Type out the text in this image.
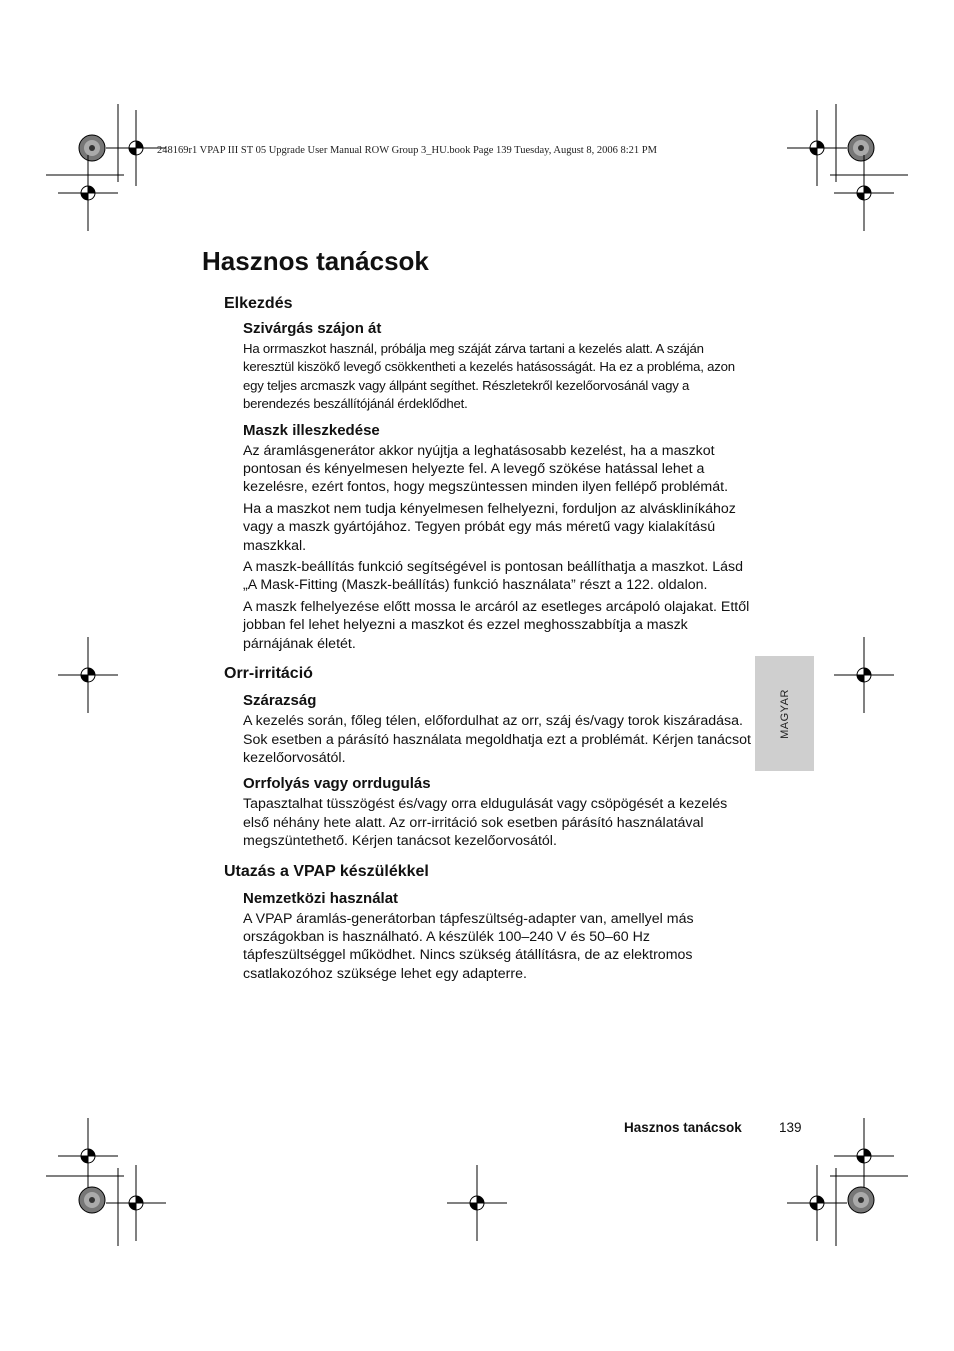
248169r1 VPAP III ST 05 Upgrade User Manual ROW Group 3_HU.book Page 139 Tuesday, August 8, 2006 8:21 PM
Hasznos tanácsok
Elkezdés
Szivárgás szájon át

Ha orrmaszkot használ, próbálja meg száját zárva tartani a kezelés alatt. A száján keresztül kiszökő levegő csökkentheti a kezelés hatásosságát. Ha ez a probléma, azon egy teljes arcmaszk vagy állpánt segíthet. Részletekről kezelőorvosánál vagy a berendezés beszállítójánál érdeklődhet.

Maszk illeszkedése

Az áramlásgenerátor akkor nyújtja a leghatásosabb kezelést, ha a maszkot pontosan és kényelmesen helyezte fel. A levegő szökése hatással lehet a kezelésre, ezért fontos, hogy megszüntessen minden ilyen fellépő problémát.

Ha a maszkot nem tudja kényelmesen felhelyezni, forduljon az alváskliníkához vagy a maszk gyártójához. Tegyen próbát egy más méretű vagy kialakítású maszkkal.

A maszk-beállítás funkció segítségével is pontosan beállíthatja a maszkot. Lásd „A Mask-Fitting (Maszk-beállítás) funkció használata” részt a 122. oldalon.

A maszk felhelyezése előtt mossa le arcáról az esetleges arcápoló olajakat. Ettől jobban fel lehet helyezni a maszkot és ezzel meghosszabbítja a maszk párnájának életét.

Orr-irritáció
Szárazság

A kezelés során, főleg télen, előfordulhat az orr, száj és/vagy torok kiszáradása. Sok esetben a párásító használata megoldhatja ezt a problémát. Kérjen tanácsot kezelőorvosától.

Orrfolyás vagy orrdugulás

Tapasztalhat tüsszögést és/vagy orra eldugulását vagy csöpögését a kezelés első néhány hete alatt. Az orr-irritáció sok esetben párásító használatával megszüntethető. Kérjen tanácsot kezelőorvosától.

Utazás a VPAP készülékkel
Nemzetközi használat

A VPAP áramlás-generátorban tápfeszültség-adapter van, amellyel más országokban is használható. A készülék 100–240 V és 50–60 Hz tápfeszültséggel működhet. Nincs szükség átállításra, de az elektromos csatlakozóhoz szüksége lehet egy adapterre.

MAGYAR
Hasznos tanácsok	139
